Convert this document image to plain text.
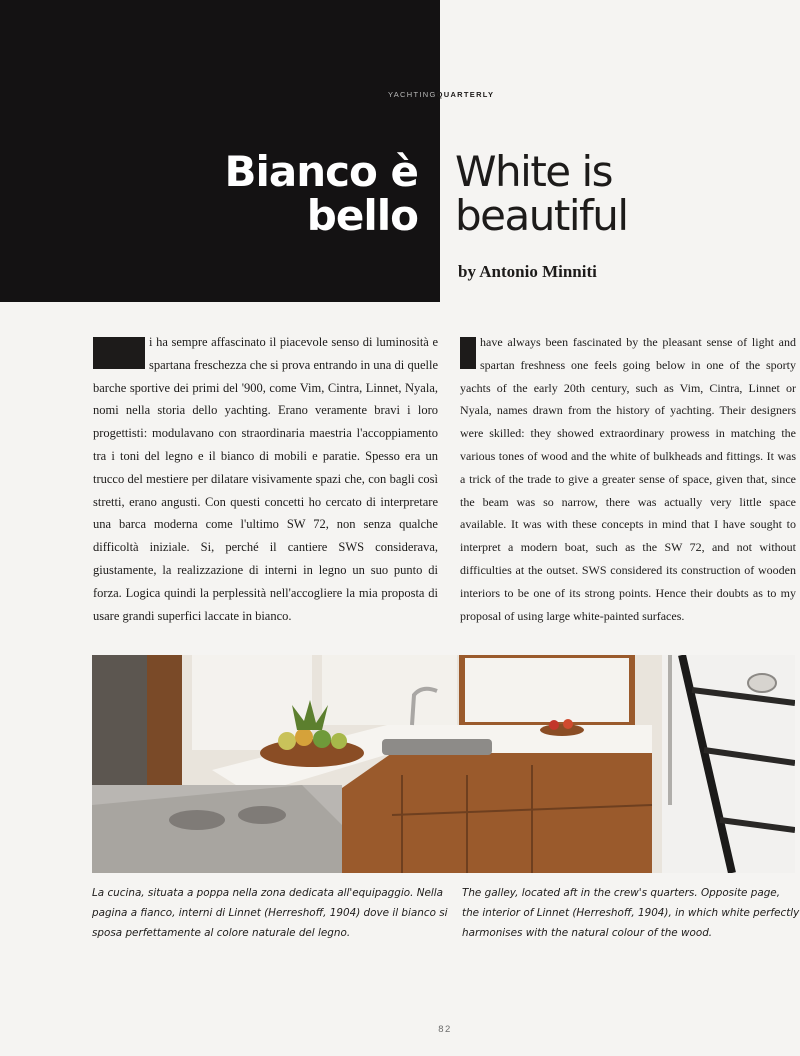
YACHTINGQUARTERLY
Bianco è
bello
White is
beautiful
by Antonio Minniti

i ha sempre affascinato il piacevole senso di luminosità e spartana freschezza che si prova entrando in una di quelle barche sportive dei primi del '900, come Vim, Cintra, Linnet, Nyala, nomi nella storia dello yachting. Erano veramente bravi i loro progettisti: modulavano con straordinaria maestria l'accoppiamento tra i toni del legno e il bianco di mobili e paratie. Spesso era un trucco del mestiere per dilatare visivamente spazi che, con bagli così stretti, erano angusti. Con questi concetti ho cercato di interpretare una barca moderna come l'ultimo SW 72, non senza qualche difficoltà iniziale. Si, perché il cantiere SWS considerava, giustamente, la realizzazione di interni in legno un suo punto di forza. Logica quindi la perplessità nell'accogliere la mia proposta di usare grandi superfici laccate in bianco.

have always been fascinated by the pleasant sense of light and spartan freshness one feels going below in one of the sporty yachts of the early 20th century, such as Vim, Cintra, Linnet or Nyala, names drawn from the history of yachting. Their designers were skilled: they showed extraordinary prowess in matching the various tones of wood and the white of bulkheads and fittings. It was a trick of the trade to give a greater sense of space, given that, since the beam was so narrow, there was actually very little space available. It was with these concepts in mind that I have sought to interpret a modern boat, such as the SW 72, and not without difficulties at the outset. SWS considered its construction of wooden interiors to be one of its strong points. Hence their doubts as to my proposal of using large white-painted surfaces.

La cucina, situata a poppa nella zona dedicata all'equipaggio. Nella pagina a fianco, interni di Linnet (Herreshoff, 1904) dove il bianco si sposa perfettamente al colore naturale del legno.

The galley, located aft in the crew's quarters. Opposite page, the interior of Linnet (Herreshoff, 1904), in which white perfectly harmonises with the natural colour of the wood.

82
